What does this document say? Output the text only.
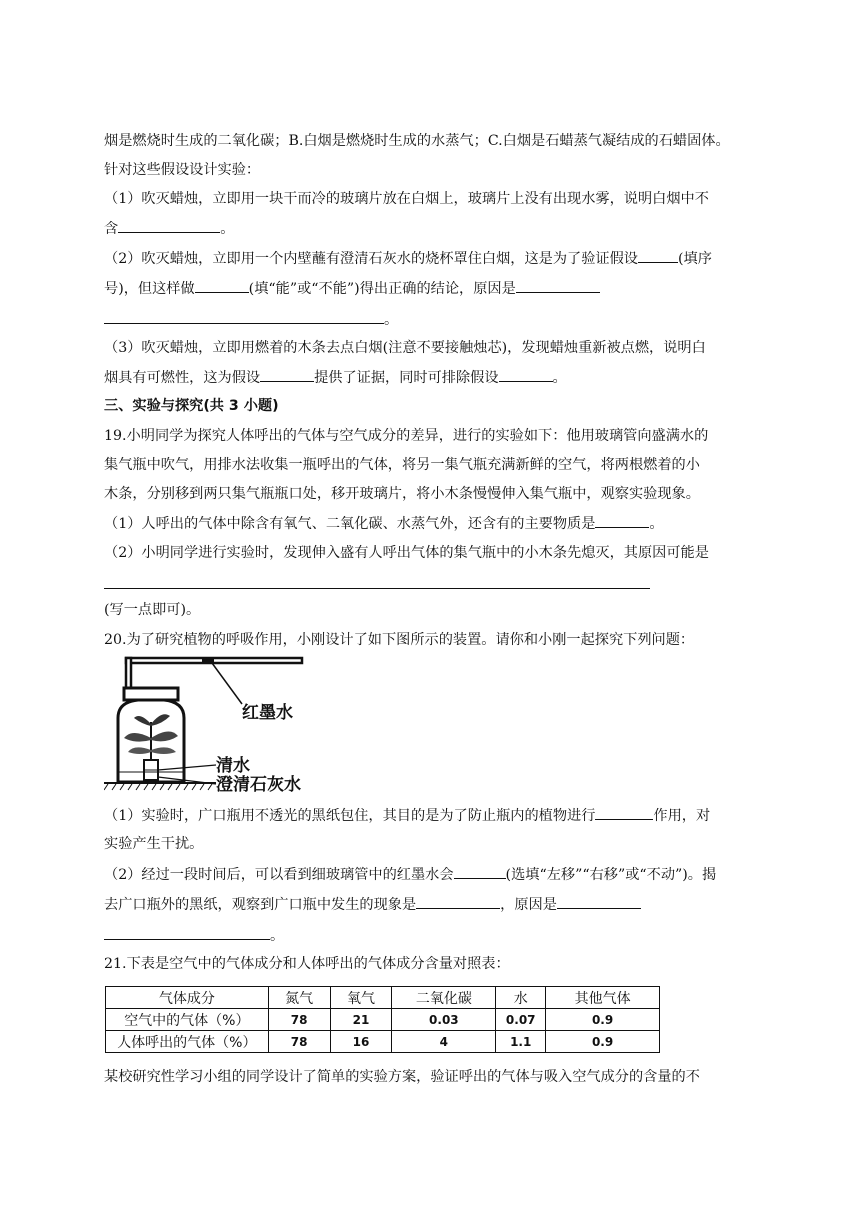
烟是燃烧时生成的二氧化碳；B.白烟是燃烧时生成的水蒸气；C.白烟是石蜡蒸气凝结成的石蜡固体。
针对这些假设设计实验：
（1）吹灭蜡烛，立即用一块干而冷的玻璃片放在白烟上，玻璃片上没有出现水雾，说明白烟中不
含	。
（2）吹灭蜡烛，立即用一个内壁蘸有澄清石灰水的烧杯罩住白烟，这是为了验证假设	(填序
号)，但这样做	(填“能”或“不能”)得出正确的结论，原因是
。
（3）吹灭蜡烛，立即用燃着的木条去点白烟(注意不要接触烛芯)，发现蜡烛重新被点燃，说明白
烟具有可燃性，这为假设	提供了证据，同时可排除假设	。
三、实验与探究(共 3 小题)
19.小明同学为探究人体呼出的气体与空气成分的差异，进行的实验如下：他用玻璃管向盛满水的
集气瓶中吹气，用排水法收集一瓶呼出的气体，将另一集气瓶充满新鲜的空气，将两根燃着的小
木条，分别移到两只集气瓶瓶口处，移开玻璃片，将小木条慢慢伸入集气瓶中，观察实验现象。
（1）人呼出的气体中除含有氧气、二氧化碳、水蒸气外，还含有的主要物质是	。
（2）小明同学进行实验时，发现伸入盛有人呼出气体的集气瓶中的小木条先熄灭，其原因可能是
(写一点即可)。
20.为了研究植物的呼吸作用，小刚设计了如下图所示的装置。请你和小刚一起探究下列问题：
红墨水
清水
澄清石灰水
（1）实验时，广口瓶用不透光的黑纸包住，其目的是为了防止瓶内的植物进行	作用，对
实验产生干扰。
（2）经过一段时间后，可以看到细玻璃管中的红墨水会	(选填“左移”“右移”或“不动”)。揭
去广口瓶外的黑纸，观察到广口瓶中发生的现象是	，原因是
。
21.下表是空气中的气体成分和人体呼出的气体成分含量对照表：
气体成分	氮气	氧气	二氧化碳	水	其他气体
空气中的气体（%）	78	21	0.03	0.07	0.9
人体呼出的气体（%）	78	16	4	1.1	0.9
某校研究性学习小组的同学设计了简单的实验方案，验证呼出的气体与吸入空气成分的含量的不
